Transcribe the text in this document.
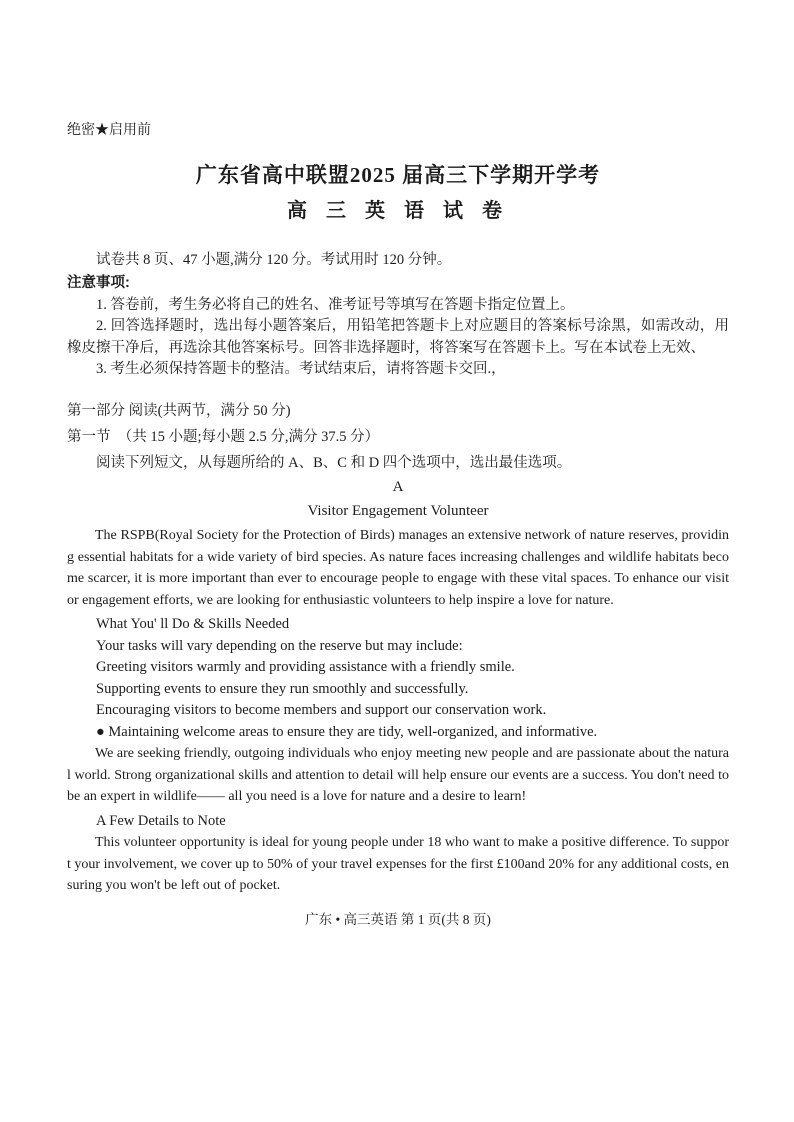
绝密★启用前
广东省高中联盟2025 届高三下学期开学考
高 三 英 语 试 卷

试卷共 8 页、47 小题,满分 120 分。考试用时 120 分钟。

注意事项:

1. 答卷前，考生务必将自己的姓名、准考证号等填写在答题卡指定位置上。

2. 回答选择题时，选出每小题答案后，用铅笔把答题卡上对应题目的答案标号涂黑，如需改动，用橡皮擦干净后，再选涂其他答案标号。回答非选择题时，将答案写在答题卡上。写在本试卷上无效、

3. 考生必须保持答题卡的整洁。考试结束后，请将答题卡交回.，

第一部分 阅读(共两节，满分 50 分)

第一节　（共 15 小题;每小题 2.5 分,满分 37.5 分）

阅读下列短文，从每题所给的 A、B、C 和 D 四个选项中，选出最佳选项。

A

Visitor Engagement Volunteer

The RSPB(Royal Society for the Protection of Birds) manages an extensive network of nature reserves, providing essential habitats for a wide variety of bird species. As nature faces increasing challenges and wildlife habitats become scarcer, it is more important than ever to encourage people to engage with these vital spaces. To enhance our visitor engagement efforts, we are looking for enthusiastic volunteers to help inspire a love for nature.

What You' ll Do & Skills Needed

Your tasks will vary depending on the reserve but may include:

Greeting visitors warmly and providing assistance with a friendly smile.

Supporting events to ensure they run smoothly and successfully.

Encouraging visitors to become members and support our conservation work.

● Maintaining welcome areas to ensure they are tidy, well-organized, and informative.

We are seeking friendly, outgoing individuals who enjoy meeting new people and are passionate about the natural world. Strong organizational skills and attention to detail will help ensure our events are a success. You don't need to be an expert in wildlife—— all you need is a love for nature and a desire to learn!

A Few Details to Note

This volunteer opportunity is ideal for young people under 18 who want to make a positive difference. To support your involvement, we cover up to 50% of your travel expenses for the first £100and 20% for any additional costs, ensuring you won't be left out of pocket.

广东 • 高三英语 第 1 页(共 8 页)
